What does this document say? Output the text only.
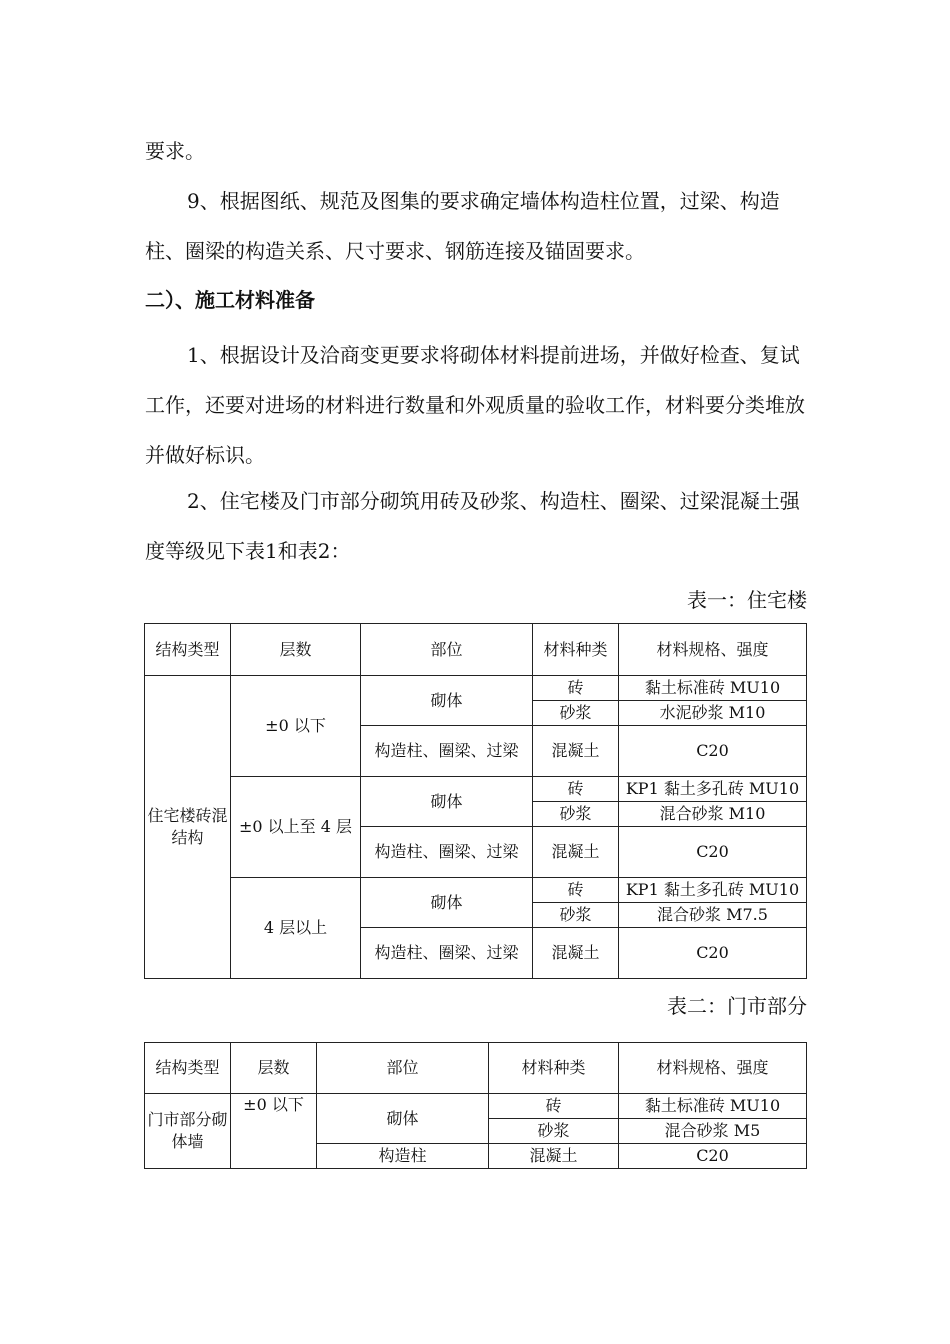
要求。

9、根据图纸、规范及图集的要求确定墙体构造柱位置，过梁、构造柱、圈梁的构造关系、尺寸要求、钢筋连接及锚固要求。

二）、施工材料准备

1、根据设计及洽商变更要求将砌体材料提前进场，并做好检查、复试工作，还要对进场的材料进行数量和外观质量的验收工作，材料要分类堆放并做好标识。

2、住宅楼及门市部分砌筑用砖及砂浆、构造柱、圈梁、过梁混凝土强度等级见下表1和表2：

表一：住宅楼

结构类型	层数	部位	材料种类	材料规格、强度
住宅楼砖混结构	±0 以下	砌体	砖	黏土标准砖 MU10
			砂浆	水泥砂浆 M10
		构造柱、圈梁、过梁	混凝土	C20
	±0 以上至 4 层	砌体	砖	KP1 黏土多孔砖 MU10
			砂浆	混合砂浆 M10
		构造柱、圈梁、过梁	混凝土	C20
	4 层以上	砌体	砖	KP1 黏土多孔砖 MU10
			砂浆	混合砂浆 M7.5
		构造柱、圈梁、过梁	混凝土	C20

表二：门市部分

结构类型	层数	部位	材料种类	材料规格、强度
门市部分砌体墙	±0 以下	砌体	砖	黏土标准砖 MU10
			砂浆	混合砂浆 M5
		构造柱	混凝土	C20
